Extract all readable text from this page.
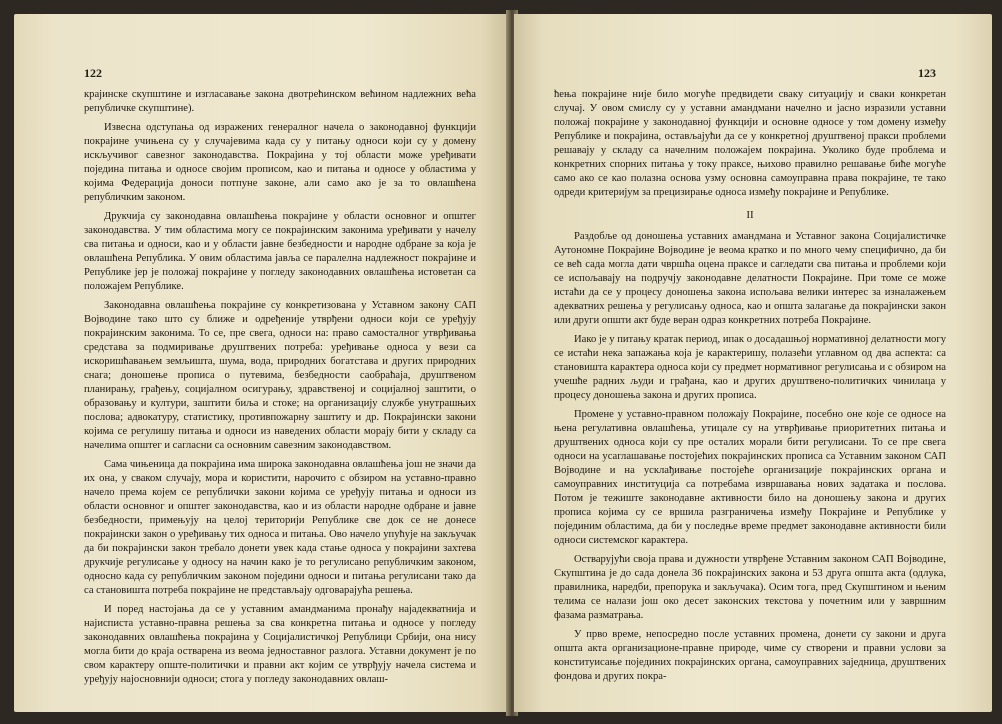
122

крајинске скупштине и изгласавање закона двотрећинском већином надлежних већа републичке скупштине).

Извесна одступања од изражених генералног начела о законодавној функцији покрајине учињена су у случајевима када су у питању односи који су у домену искључивог савезног законодавства. Покрајина у тој области може уређивати поједина питања и односе својим прописом, као и питања и односе у областима у којима Федерација доноси потпуне законе, али само ако је за то овлашћена републичким законом.

Друкчија су законодавна овлашћења покрајине у области основног и општег законодавства. У тим областима могу се покрајинским законима уређивати у начелу сва питања и односи, као и у области јавне безбедности и народне одбране за која је овлашћена Република. У овим областима јавља се паралелна надлежност покрајине и Републике јер је положај покрајине у погледу законодавних овлашћења истоветан са положајем Републике.

Законодавна овлашћења покрајине су конкретизована у Уставном закону САП Војводине тако што су ближе и одређеније утврђени односи који се уређују покрајинским законима. То се, пре свега, односи на: право самосталног утврђивања средстава за подмиривање друштвених потреба: уређивање односа у вези са искоришћавањем земљишта, шума, вода, природних богатстава и других природних снага; доношење прописа о путевима, безбедности саобраћаја, друштвеном планирању, грађењу, социјалном осигурању, здравственој и социјалној заштити, о образовању и култури, заштити биља и стоке; на организацију службе унутрашњих послова; адвокатуру, статистику, противпожарну заштиту и др. Покрајински закони којима се регулишу питања и односи из наведених области морају бити у складу са начелима општег и сагласни са основним савезним законодавством.

Сама чињеница да покрајина има широка законодавна овлашћења још не значи да их она, у сваком случају, мора и користити, нарочито с обзиром на уставно-правно начело према којем се републички закони којима се уређују питања и односи из области основног и општег законодавства, као и из области народне одбране и јавне безбедности, примењују на целој територији Републике све док се не донесе покрајински закон о уређивању тих односа и питања. Ово начело упућује на закључак да би покрајински закон требало донети увек када стање односа у покрајини захтева друкчије регулисање у односу на начин како је то регулисано републичким законом, односно када су републичким законом поједини односи и питања регулисани тако да са становишта потреба покрајине не представљају одговарајућа решења.

И поред настојања да се у уставним амандманима пронађу најадекватнија и најисписта уставно-правна решења за сва конкретна питања и односе у погледу законодавних овлашћења покрајина у Социјалистичкој Републици Србији, она нису могла бити до краја остварена из веома једноставног разлога. Уставни документ је по свом карактеру опште-политички и правни акт којим се утврђују начела система и уређују најосновнији односи; стога у погледу законодавних овлаш-

123

ћења покрајине није било могуће предвидети сваку ситуацију и сваки конкретан случај. У овом смислу су у уставни амандмани начелно и јасно изразили уставни положај покрајине у законодавној функцији и основне односе у том домену између Републике и покрајина, остављајући да се у конкретној друштвеној пракси проблеми решавају у складу са начелним положајем покрајина. Уколико буде проблема и конкретних спорних питања у току праксе, њихово правилно решавање биће могуће само ако се као полазна основа узму основна самоуправна права покрајине, те тако одреди критеријум за прецизирање односа између покрајине и Републике.

II

Раздобље од доношења уставних амандмана и Уставног закона Социјалистичке Аутономне Покрајине Војводине је веома кратко и по много чему специфично, да би се већ сада могла дати чвршћа оцена праксе и сагледати сва питања и проблеми који се испољавају на подручју законодавне делатности Покрајине. При томе се може истаћи да се у процесу доношења закона испољава велики интерес за изналажењем адекватних решења у регулисању односа, као и општа залагање да покрајински закон или други општи акт буде веран одраз конкретних потреба Покрајине.

Иако је у питању кратак период, ипак о досадашњој нормативној делатности могу се истаћи нека запажања која је карактеришу, полазећи углавном од два аспекта: са становишта карактера односа који су предмет нормативног регулисања и с обзиром на учешће радних људи и грађана, као и других друштвено-политичких чинилаца у процесу доношења закона и других прописа.

Промене у уставно-правном положају Покрајине, посебно оне које се односе на њена регулативна овлашћења, утицале су на утврђивање приоритетних питања и друштвених односа који су пре осталих морали бити регулисани. То се пре свега односи на усаглашавање постојећих покрајинских прописа са Уставним законом САП Војводине и на усклађивање постојеће организације покрајинских органа и самоуправних институција са потребама извршавања нових задатака и послова. Потом је тежиште законодавне активности било на доношењу закона и других прописа којима су се вршила разграничења између Покрајине и Републике у појединим областима, да би у последње време предмет законодавне активности били односи системског карактера.

Остварујући своја права и дужности утврђене Уставним законом САП Војводине, Скупштина је до сада донела 36 покрајинских закона и 53 друга општа акта (одлука, правилника, наредби, препорука и закључака). Осим тога, пред Скупштином и њеним телима се налази још око десет законских текстова у почетним или у завршним фазама разматрања.

У прво време, непосредно после уставних промена, донети су закони и друга општа акта организационе-правне природе, чиме су створени и правни услови за конституисање појединих покрајинских органа, самоуправних заједница, друштвених фондова и других покра-
